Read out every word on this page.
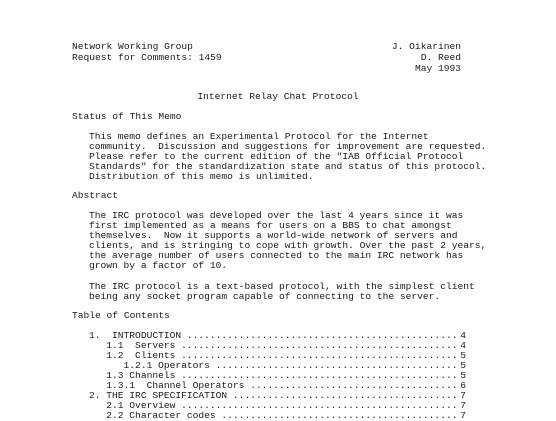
Network Working Group
Request for Comments: 1459
J. Oikarinen
D. Reed
May 1993
Internet Relay Chat Protocol
Status of This Memo
This memo defines an Experimental Protocol for the Internet
community.  Discussion and suggestions for improvement are requested.
Please refer to the current edition of the "IAB Official Protocol
Standards" for the standardization state and status of this protocol.
Distribution of this memo is unlimited.
Abstract
The IRC protocol was developed over the last 4 years since it was
first implemented as a means for users on a BBS to chat amongst
themselves.  Now it supports a world-wide network of servers and
clients, and is stringing to cope with growth. Over the past 2 years,
the average number of users connected to the main IRC network has
grown by a factor of 10.
The IRC protocol is a text-based protocol, with the simplest client
being any socket program capable of connecting to the server.
Table of Contents
1.  INTRODUCTION ............................................... 4
1.1  Servers ................................................ 4
1.2  Clients ................................................ 5
1.2.1 Operators .......................................... 5
1.3 Channels ................................................ 5
1.3.1  Channel Operators .................................... 6
2. THE IRC SPECIFICATION ....................................... 7
2.1 Overview ................................................ 7
2.2 Character codes ......................................... 7
